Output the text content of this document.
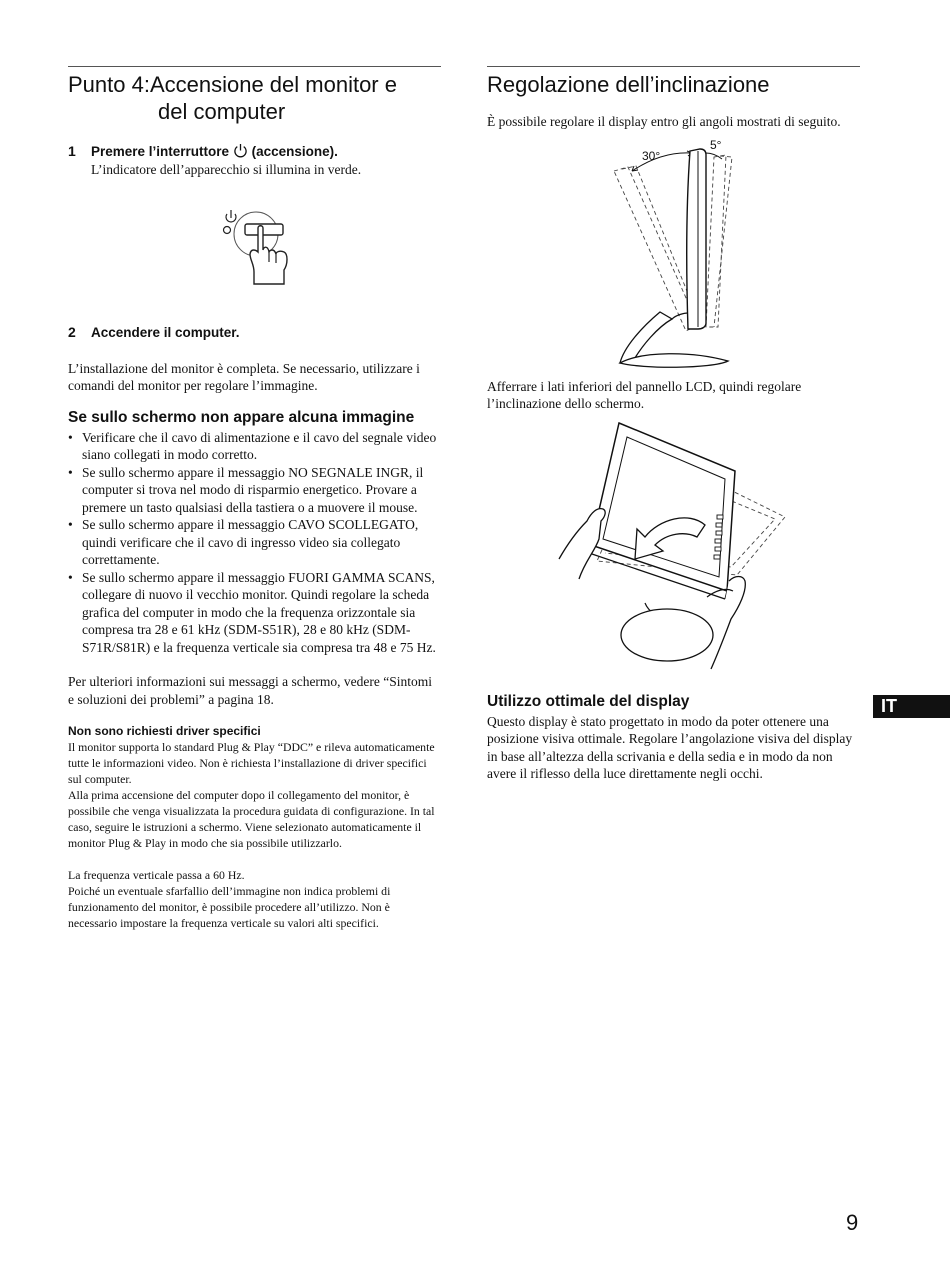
Punto 4:Accensione del monitor e
del computer
1 Premere l’interruttore (accensione).
L’indicatore dell’apparecchio si illumina in verde.
2 Accendere il computer.
L’installazione del monitor è completa. Se necessario, utilizzare i comandi del monitor per regolare l’immagine.
Se sullo schermo non appare alcuna immagine
• Verificare che il cavo di alimentazione e il cavo del segnale video siano collegati in modo corretto.
• Se sullo schermo appare il messaggio NO SEGNALE INGR, il computer si trova nel modo di risparmio energetico. Provare a premere un tasto qualsiasi della tastiera o a muovere il mouse.
• Se sullo schermo appare il messaggio CAVO SCOLLEGATO, quindi verificare che il cavo di ingresso video sia collegato correttamente.
• Se sullo schermo appare il messaggio FUORI GAMMA SCANS, collegare di nuovo il vecchio monitor. Quindi regolare la scheda grafica del computer in modo che la frequenza orizzontale sia compresa tra 28 e 61 kHz (SDM-S51R), 28 e 80 kHz (SDM-S71R/S81R) e la frequenza verticale sia compresa tra 48 e 75 Hz.
Per ulteriori informazioni sui messaggi a schermo, vedere “Sintomi e soluzioni dei problemi” a pagina 18.
Non sono richiesti driver specifici
Il monitor supporta lo standard Plug & Play “DDC” e rileva automaticamente tutte le informazioni video. Non è richiesta l’installazione di driver specifici sul computer.
Alla prima accensione del computer dopo il collegamento del monitor, è possibile che venga visualizzata la procedura guidata di configurazione. In tal caso, seguire le istruzioni a schermo. Viene selezionato automaticamente il monitor Plug & Play in modo che sia possibile utilizzarlo.
La frequenza verticale passa a 60 Hz.
Poiché un eventuale sfarfallio dell’immagine non indica problemi di funzionamento del monitor, è possibile procedere all’utilizzo. Non è necessario impostare la frequenza verticale su valori alti specifici.
Regolazione dell’inclinazione
È possibile regolare il display entro gli angoli mostrati di seguito.
30°
5°
Afferrare i lati inferiori del pannello LCD, quindi regolare l’inclinazione dello schermo.
Utilizzo ottimale del display
Questo display è stato progettato in modo da poter ottenere una posizione visiva ottimale. Regolare l’angolazione visiva del display in base all’altezza della scrivania e della sedia e in modo da non avere il riflesso della luce direttamente negli occhi.
IT
9
